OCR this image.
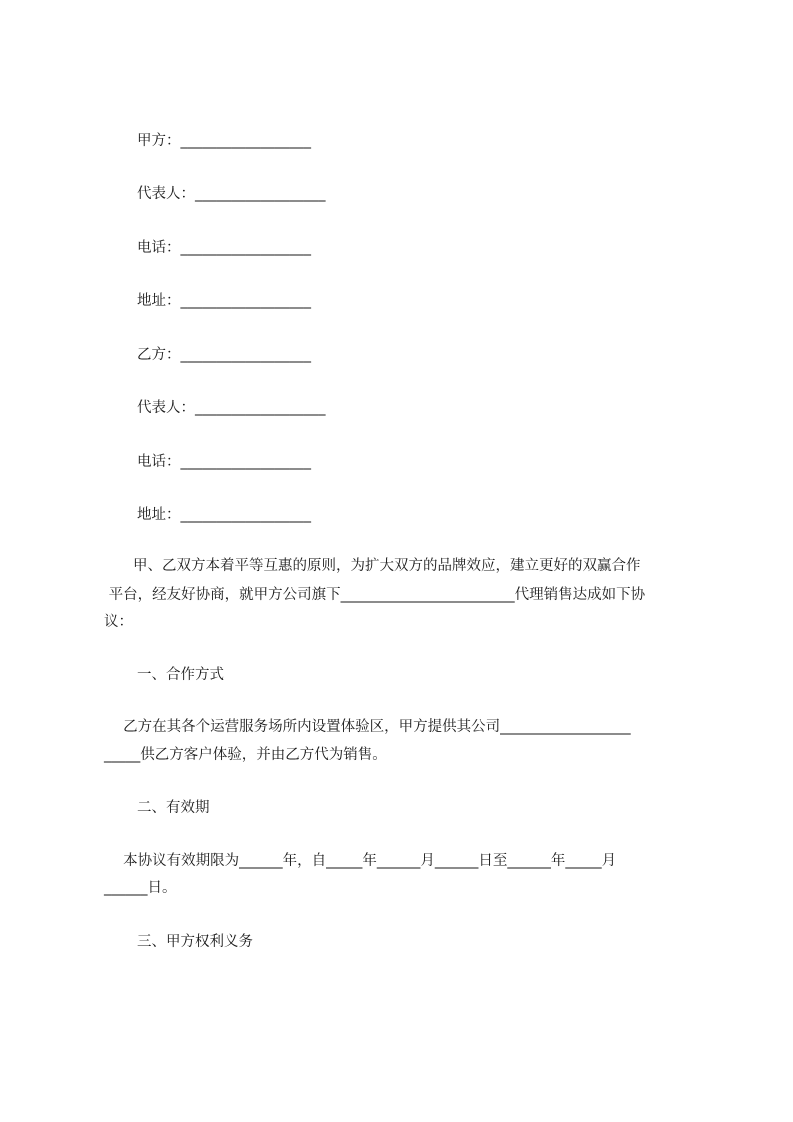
甲方：__________________
代表人：__________________
电话：__________________
地址：__________________
乙方：__________________
代表人：__________________
电话：__________________
地址：__________________
　　甲、乙双方本着平等互惠的原则，为扩大双方的品牌效应，建立更好的双赢合作
平台，经友好协商，就甲方公司旗下________________________代理销售达成如下协
议：
一、合作方式
　 乙方在其各个运营服务场所内设置体验区，甲方提供其公司__________________
_____供乙方客户体验，并由乙方代为销售。
二、有效期
　 本协议有效期限为______年，自_____年______月______日至______年_____月
______日。
三、甲方权利义务
